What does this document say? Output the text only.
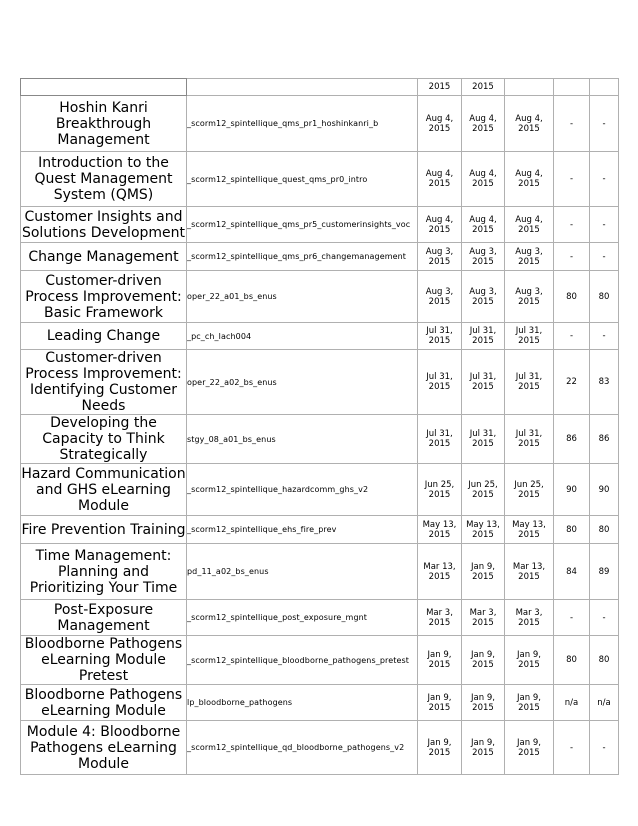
		2015	2015			
Hoshin Kanri Breakthrough Management	_scorm12_spintellique_qms_pr1_hoshinkanri_b	Aug 4, 2015	Aug 4, 2015	Aug 4, 2015	-	-
Introduction to the Quest Management System (QMS)	_scorm12_spintellique_quest_qms_pr0_intro	Aug 4, 2015	Aug 4, 2015	Aug 4, 2015	-	-
Customer Insights and Solutions Development	_scorm12_spintellique_qms_pr5_customerinsights_voc	Aug 4, 2015	Aug 4, 2015	Aug 4, 2015	-	-
Change Management	_scorm12_spintellique_qms_pr6_changemanagement	Aug 3, 2015	Aug 3, 2015	Aug 3, 2015	-	-
Customer-driven Process Improvement: Basic Framework	oper_22_a01_bs_enus	Aug 3, 2015	Aug 3, 2015	Aug 3, 2015	80	80
Leading Change	_pc_ch_lach004	Jul 31, 2015	Jul 31, 2015	Jul 31, 2015	-	-
Customer-driven Process Improvement: Identifying Customer Needs	oper_22_a02_bs_enus	Jul 31, 2015	Jul 31, 2015	Jul 31, 2015	22	83
Developing the Capacity to Think Strategically	stgy_08_a01_bs_enus	Jul 31, 2015	Jul 31, 2015	Jul 31, 2015	86	86
Hazard Communication and GHS eLearning Module	_scorm12_spintellique_hazardcomm_ghs_v2	Jun 25, 2015	Jun 25, 2015	Jun 25, 2015	90	90
Fire Prevention Training	_scorm12_spintellique_ehs_fire_prev	May 13, 2015	May 13, 2015	May 13, 2015	80	80
Time Management: Planning and Prioritizing Your Time	pd_11_a02_bs_enus	Mar 13, 2015	Jan 9, 2015	Mar 13, 2015	84	89
Post-Exposure Management	_scorm12_spintellique_post_exposure_mgnt	Mar 3, 2015	Mar 3, 2015	Mar 3, 2015	-	-
Bloodborne Pathogens eLearning Module Pretest	_scorm12_spintellique_bloodborne_pathogens_pretest	Jan 9, 2015	Jan 9, 2015	Jan 9, 2015	80	80
Bloodborne Pathogens eLearning Module	lp_bloodborne_pathogens	Jan 9, 2015	Jan 9, 2015	Jan 9, 2015	n/a	n/a
Module 4: Bloodborne Pathogens eLearning Module	_scorm12_spintellique_qd_bloodborne_pathogens_v2	Jan 9, 2015	Jan 9, 2015	Jan 9, 2015	-	-
